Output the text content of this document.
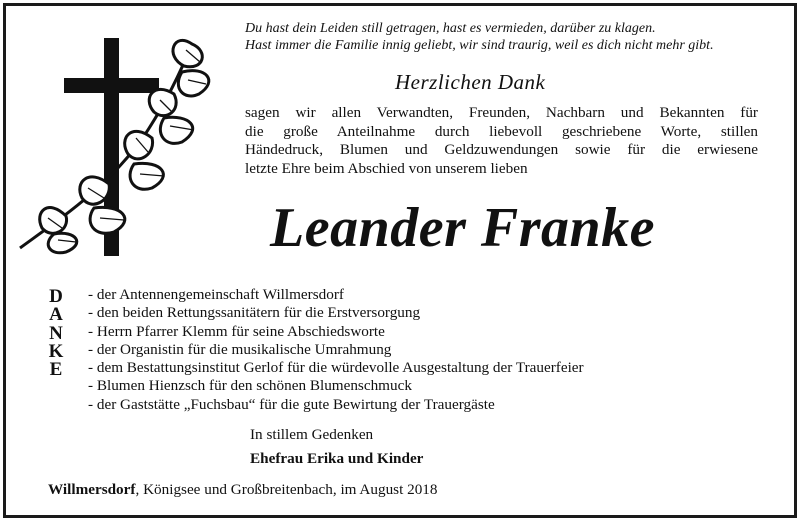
Du hast dein Leiden still getragen, hast es vermieden, darüber zu klagen.
Hast immer die Familie innig geliebt, wir sind traurig, weil es dich nicht mehr gibt.
Herzlichen Dank
sagen wir allen Verwandten, Freunden, Nachbarn und Bekannten für
die große Anteilnahme durch liebevoll geschriebene Worte, stillen
Händedruck, Blumen und Geldzuwendungen sowie für die erwiesene
letzte Ehre beim Abschied von unserem lieben
Leander Franke
D
A
N
K
E
- der Antennengemeinschaft Willmersdorf
- den beiden Rettungssanitätern für die Erstversorgung
- Herrn Pfarrer Klemm für seine Abschiedsworte
- der Organistin für die musikalische Umrahmung
- dem Bestattungsinstitut Gerlof für die würdevolle Ausgestaltung der Trauerfeier
- Blumen Hienzsch für den schönen Blumenschmuck
- der Gaststätte „Fuchsbau“ für die gute Bewirtung der Trauergäste
In stillem Gedenken
Ehefrau Erika und Kinder
Willmersdorf, Königsee und Großbreitenbach, im August 2018
